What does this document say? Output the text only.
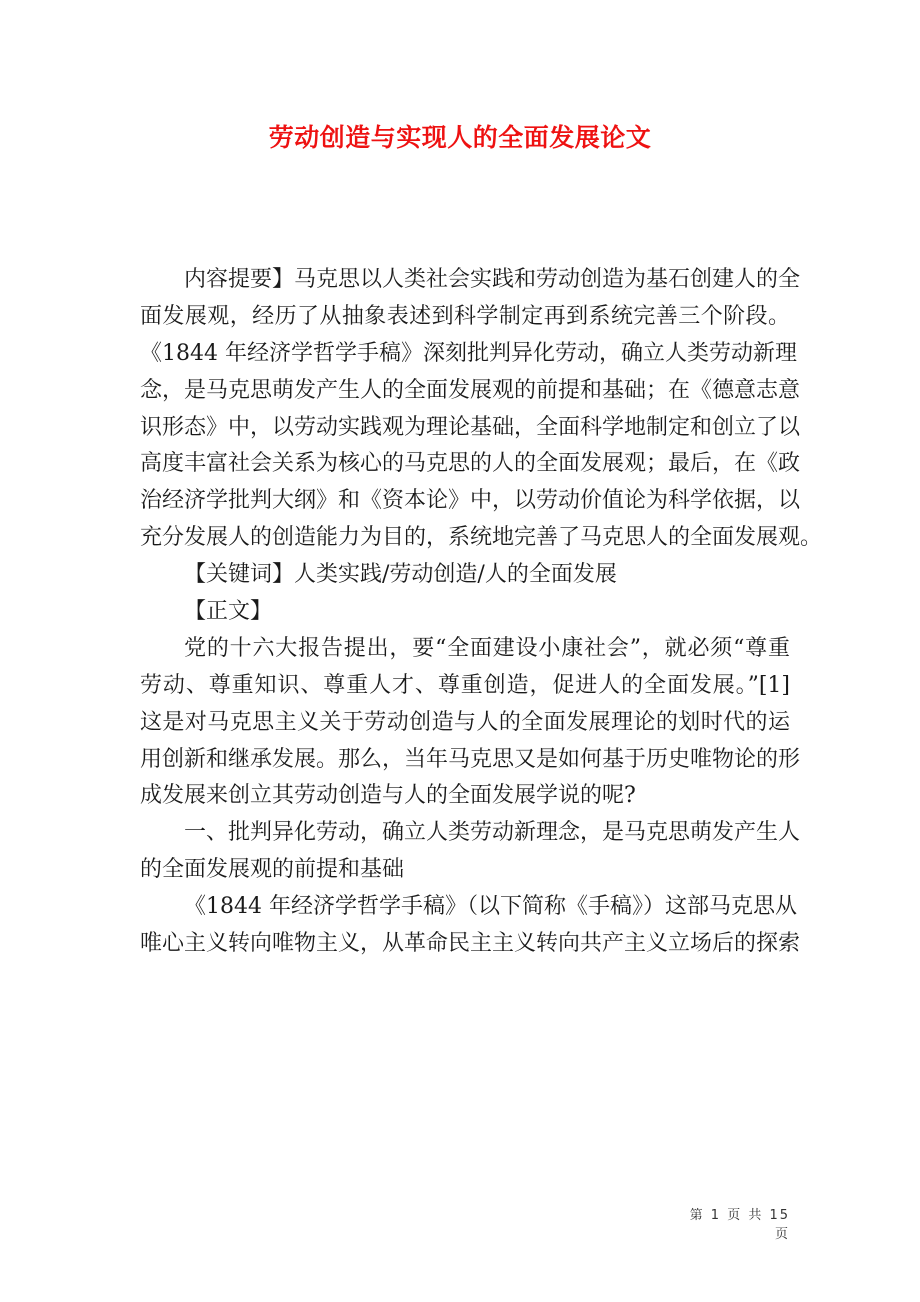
劳动创造与实现人的全面发展论文
内容提要】马克思以人类社会实践和劳动创造为基石创建人的全
面发展观，经历了从抽象表述到科学制定再到系统完善三个阶段。
《1844 年经济学哲学手稿》深刻批判异化劳动，确立人类劳动新理
念，是马克思萌发产生人的全面发展观的前提和基础；在《德意志意
识形态》中，以劳动实践观为理论基础，全面科学地制定和创立了以
高度丰富社会关系为核心的马克思的人的全面发展观；最后，在《政
治经济学批判大纲》和《资本论》中，以劳动价值论为科学依据，以
充分发展人的创造能力为目的，系统地完善了马克思人的全面发展观。
【关键词】人类实践/劳动创造/人的全面发展
【正文】
党的十六大报告提出，要“全面建设小康社会”，就必须“尊重
劳动、尊重知识、尊重人才、尊重创造，促进人的全面发展。”[1]
这是对马克思主义关于劳动创造与人的全面发展理论的划时代的运
用创新和继承发展。那么，当年马克思又是如何基于历史唯物论的形
成发展来创立其劳动创造与人的全面发展学说的呢?
一、批判异化劳动，确立人类劳动新理念，是马克思萌发产生人
的全面发展观的前提和基础
《1844 年经济学哲学手稿》（以下简称《手稿》）这部马克思从
唯心主义转向唯物主义，从革命民主主义转向共产主义立场后的探索
第 1 页 共 15 页
